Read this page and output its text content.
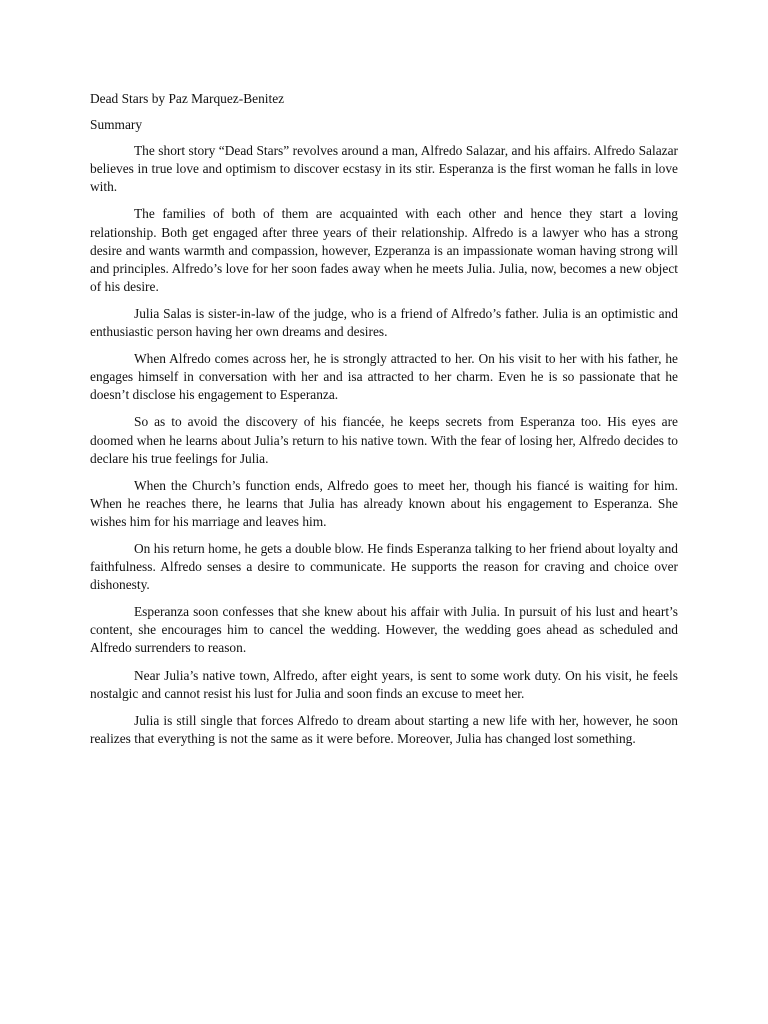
Dead Stars by Paz Marquez-Benitez
Summary

The short story “Dead Stars” revolves around a man, Alfredo Salazar, and his affairs. Alfredo Salazar believes in true love and optimism to discover ecstasy in its stir. Esperanza is the first woman he falls in love with.

The families of both of them are acquainted with each other and hence they start a loving relationship. Both get engaged after three years of their relationship. Alfredo is a lawyer who has a strong desire and wants warmth and compassion, however, Ezperanza is an impassionate woman having strong will and principles. Alfredo’s love for her soon fades away when he meets Julia. Julia, now, becomes a new object of his desire.

Julia Salas is sister-in-law of the judge, who is a friend of Alfredo’s father. Julia is an optimistic and enthusiastic person having her own dreams and desires.

When Alfredo comes across her, he is strongly attracted to her. On his visit to her with his father, he engages himself in conversation with her and isa attracted to her charm. Even he is so passionate that he doesn’t disclose his engagement to Esperanza.

So as to avoid the discovery of his fiancée, he keeps secrets from Esperanza too. His eyes are doomed when he learns about Julia’s return to his native town. With the fear of losing her, Alfredo decides to declare his true feelings for Julia.

When the Church’s function ends, Alfredo goes to meet her, though his fiancé is waiting for him. When he reaches there, he learns that Julia has already known about his engagement to Esperanza. She wishes him for his marriage and leaves him.

On his return home, he gets a double blow. He finds Esperanza talking to her friend about loyalty and faithfulness. Alfredo senses a desire to communicate. He supports the reason for craving and choice over dishonesty.

Esperanza soon confesses that she knew about his affair with Julia. In pursuit of his lust and heart’s content, she encourages him to cancel the wedding. However, the wedding goes ahead as scheduled and Alfredo surrenders to reason.

Near Julia’s native town, Alfredo, after eight years, is sent to some work duty. On his visit, he feels nostalgic and cannot resist his lust for Julia and soon finds an excuse to meet her.

Julia is still single that forces Alfredo to dream about starting a new life with her, however, he soon realizes that everything is not the same as it were before. Moreover, Julia has changed lost something.
